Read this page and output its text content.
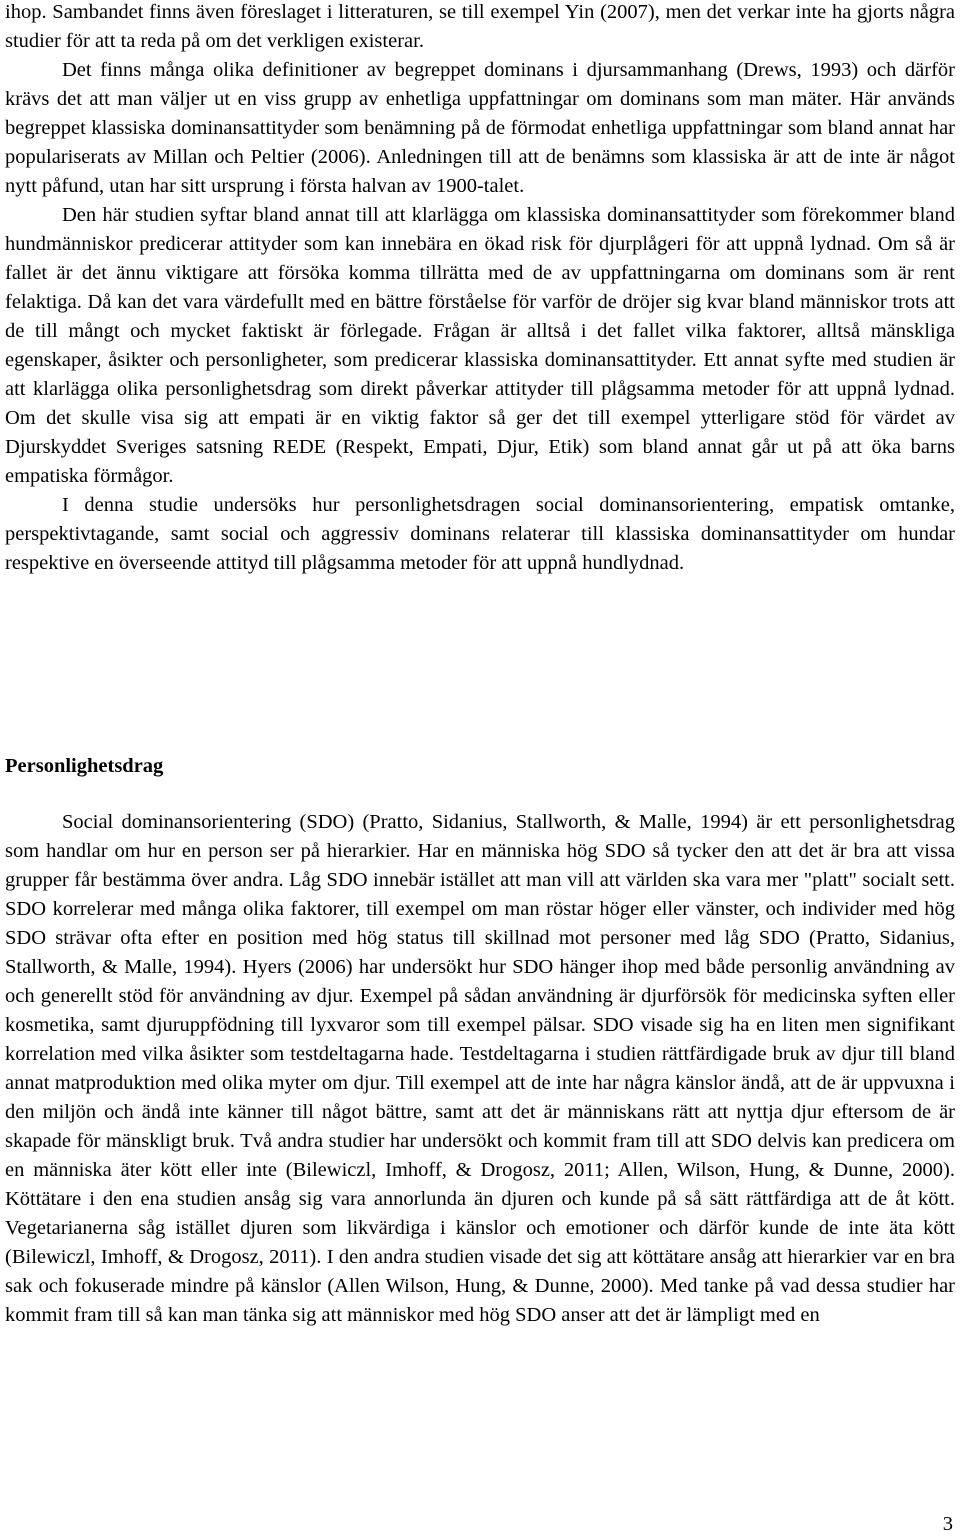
ihop. Sambandet finns även föreslaget i litteraturen, se till exempel Yin (2007), men det verkar inte ha gjorts några studier för att ta reda på om det verkligen existerar.

Det finns många olika definitioner av begreppet dominans i djursammanhang (Drews, 1993) och därför krävs det att man väljer ut en viss grupp av enhetliga uppfattningar om dominans som man mäter. Här används begreppet klassiska dominansattityder som benämning på de förmodat enhetliga uppfattningar som bland annat har populariserats av Millan och Peltier (2006). Anledningen till att de benämns som klassiska är att de inte är något nytt påfund, utan har sitt ursprung i första halvan av 1900-talet.

Den här studien syftar bland annat till att klarlägga om klassiska dominansattityder som förekommer bland hundmänniskor predicerar attityder som kan innebära en ökad risk för djurplågeri för att uppnå lydnad. Om så är fallet är det ännu viktigare att försöka komma tillrätta med de av uppfattningarna om dominans som är rent felaktiga. Då kan det vara värdefullt med en bättre förståelse för varför de dröjer sig kvar bland människor trots att de till mångt och mycket faktiskt är förlegade. Frågan är alltså i det fallet vilka faktorer, alltså mänskliga egenskaper, åsikter och personligheter, som predicerar klassiska dominansattityder. Ett annat syfte med studien är att klarlägga olika personlighetsdrag som direkt påverkar attityder till plågsamma metoder för att uppnå lydnad. Om det skulle visa sig att empati är en viktig faktor så ger det till exempel ytterligare stöd för värdet av Djurskyddet Sveriges satsning REDE (Respekt, Empati, Djur, Etik) som bland annat går ut på att öka barns empatiska förmågor.

I denna studie undersöks hur personlighetsdragen social dominansorientering, empatisk omtanke, perspektivtagande, samt social och aggressiv dominans relaterar till klassiska dominansattityder om hundar respektive en överseende attityd till plågsamma metoder för att uppnå hundlydnad.

Personlighetsdrag

Social dominansorientering (SDO) (Pratto, Sidanius, Stallworth, & Malle, 1994) är ett personlighetsdrag som handlar om hur en person ser på hierarkier. Har en människa hög SDO så tycker den att det är bra att vissa grupper får bestämma över andra. Låg SDO innebär istället att man vill att världen ska vara mer "platt" socialt sett. SDO korrelerar med många olika faktorer, till exempel om man röstar höger eller vänster, och individer med hög SDO strävar ofta efter en position med hög status till skillnad mot personer med låg SDO (Pratto, Sidanius, Stallworth, & Malle, 1994). Hyers (2006) har undersökt hur SDO hänger ihop med både personlig användning av och generellt stöd för användning av djur. Exempel på sådan användning är djurförsök för medicinska syften eller kosmetika, samt djuruppfödning till lyxvaror som till exempel pälsar. SDO visade sig ha en liten men signifikant korrelation med vilka åsikter som testdeltagarna hade. Testdeltagarna i studien rättfärdigade bruk av djur till bland annat matproduktion med olika myter om djur. Till exempel att de inte har några känslor ändå, att de är uppvuxna i den miljön och ändå inte känner till något bättre, samt att det är människans rätt att nyttja djur eftersom de är skapade för mänskligt bruk. Två andra studier har undersökt och kommit fram till att SDO delvis kan predicera om en människa äter kött eller inte (Bilewiczl, Imhoff, & Drogosz, 2011; Allen, Wilson, Hung, & Dunne, 2000). Köttätare i den ena studien ansåg sig vara annorlunda än djuren och kunde på så sätt rättfärdiga att de åt kött. Vegetarianerna såg istället djuren som likvärdiga i känslor och emotioner och därför kunde de inte äta kött (Bilewiczl, Imhoff, & Drogosz, 2011). I den andra studien visade det sig att köttätare ansåg att hierarkier var en bra sak och fokuserade mindre på känslor (Allen Wilson, Hung, & Dunne, 2000). Med tanke på vad dessa studier har kommit fram till så kan man tänka sig att människor med hög SDO anser att det är lämpligt med en

3
